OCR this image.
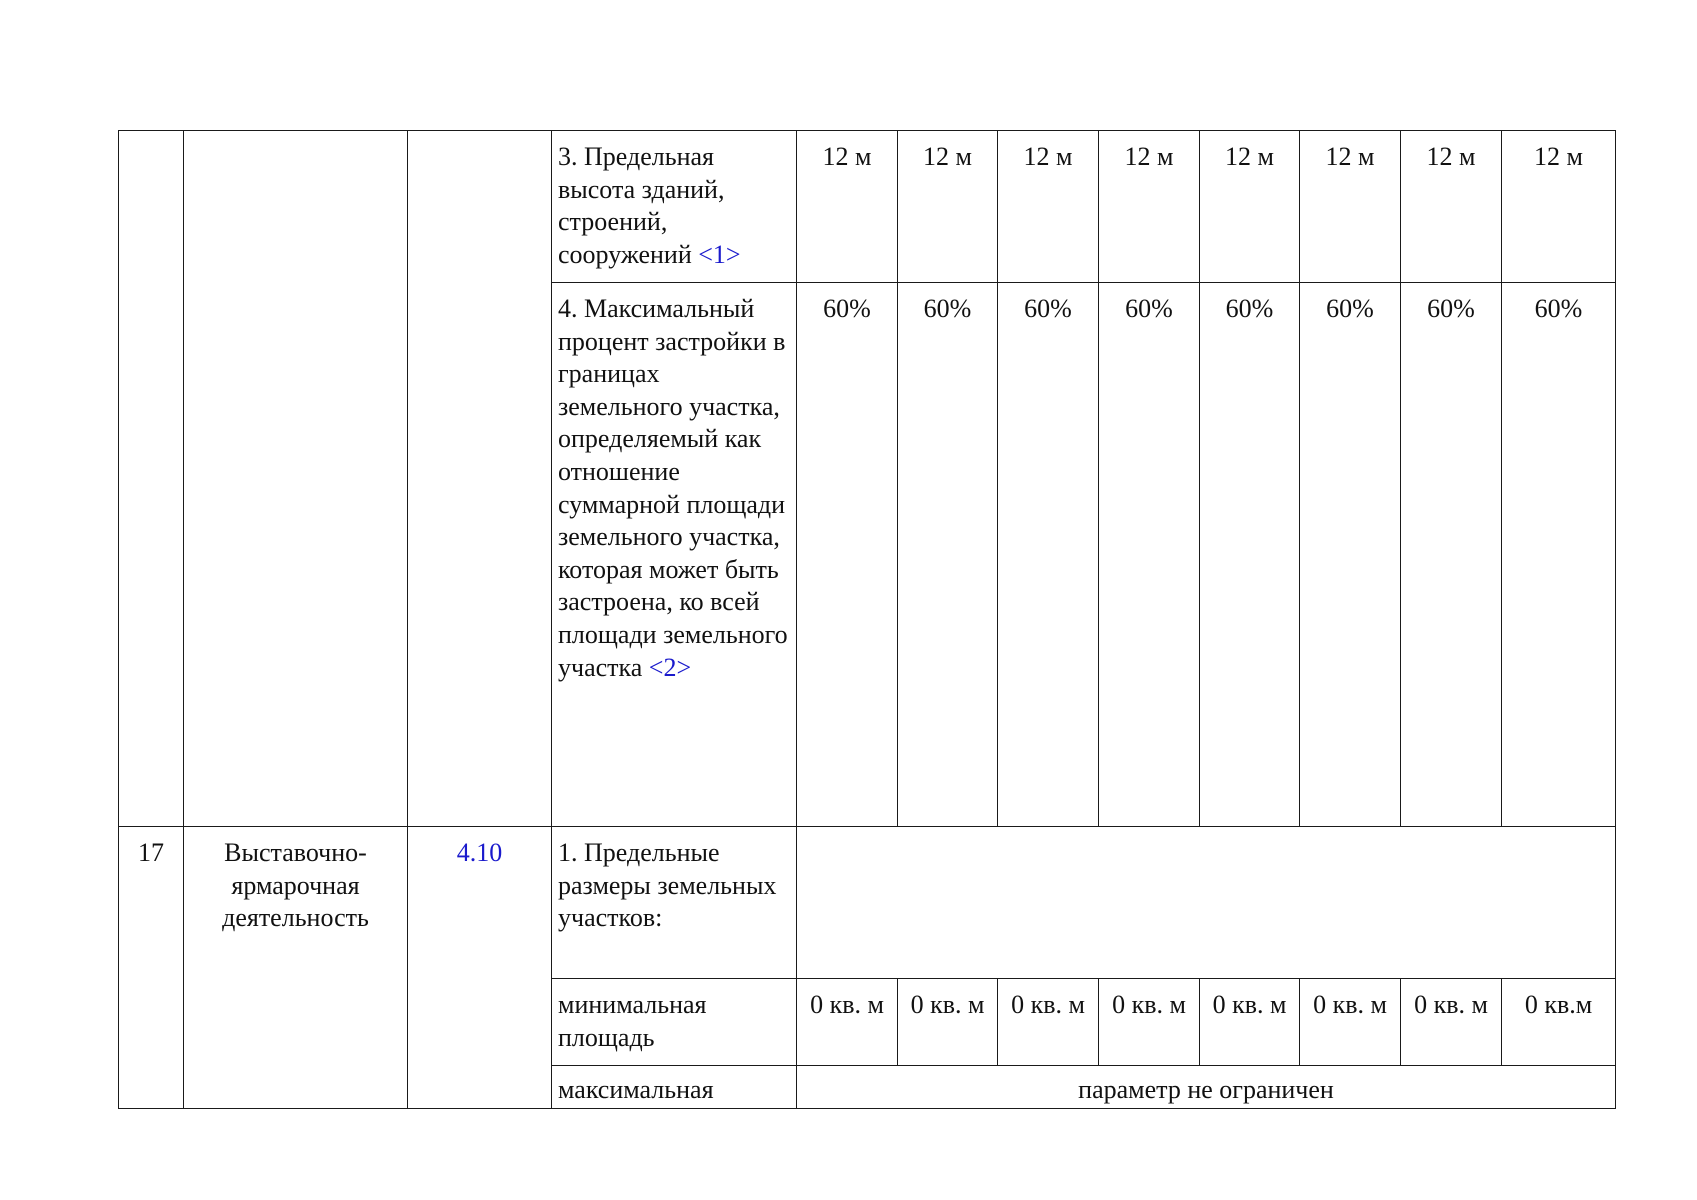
			3. Предельная высота зданий, строений, сооружений <1>	12 м	12 м	12 м	12 м	12 м	12 м	12 м	12 м
			4. Максимальный процент застройки в границах земельного участка, определяемый как отношение суммарной площади земельного участка, которая может быть застроена, ко всей площади земельного участка <2>	60%	60%	60%	60%	60%	60%	60%	60%
17	Выставочно-ярмарочная деятельность	4.10	1. Предельные размеры земельных участков:								
			минимальная площадь	0 кв. м	0 кв. м	0 кв. м	0 кв. м	0 кв. м	0 кв. м	0 кв. м	0 кв.м
			максимальная	параметр не ограничен							
